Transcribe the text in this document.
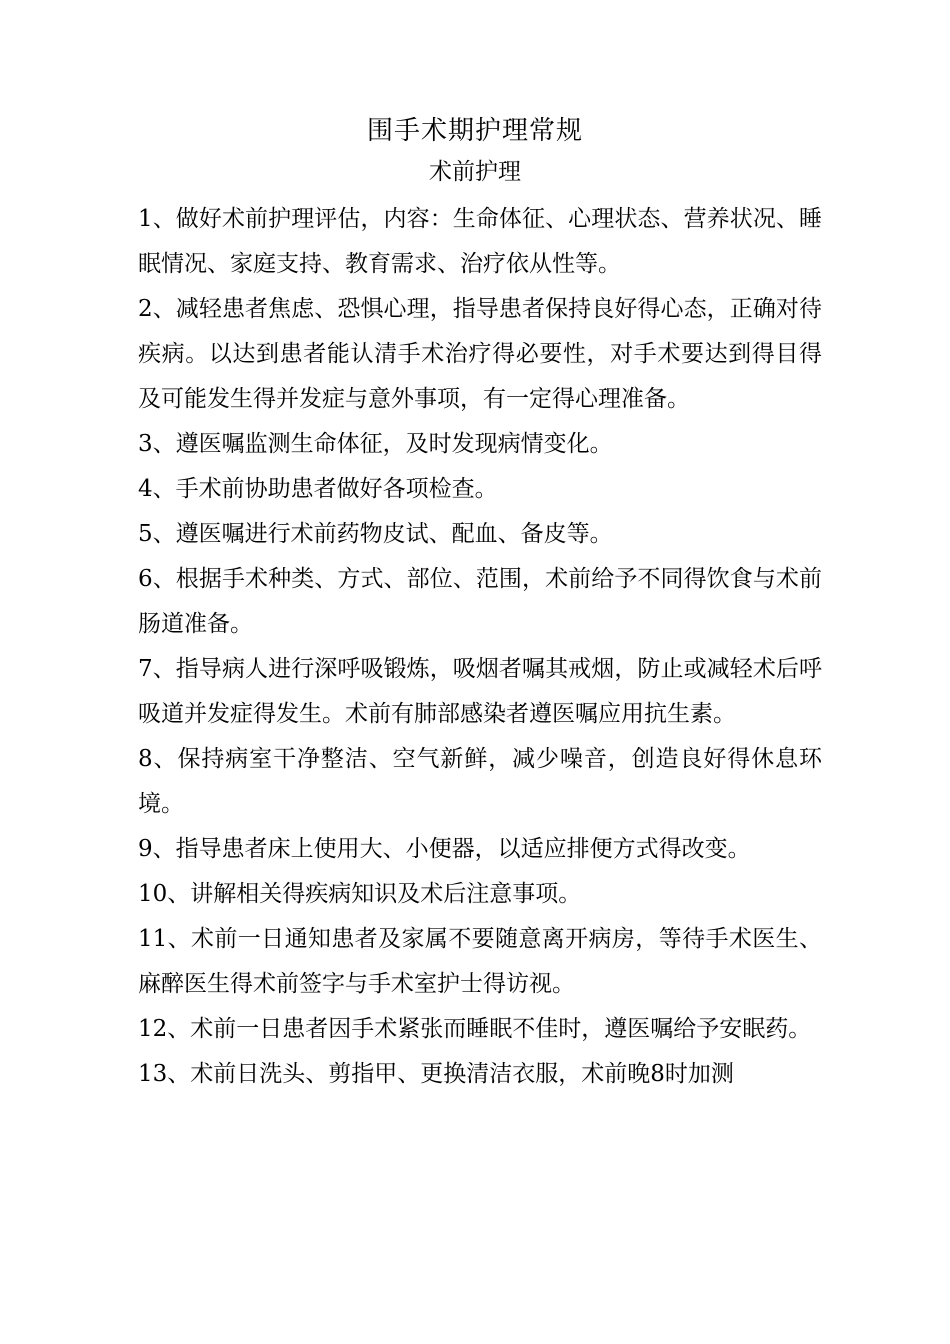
围手术期护理常规
术前护理

1、做好术前护理评估，内容：生命体征、心理状态、营养状况、睡眠情况、家庭支持、教育需求、治疗依从性等。

2、减轻患者焦虑、恐惧心理，指导患者保持良好得心态，正确对待疾病。以达到患者能认清手术治疗得必要性，对手术要达到得目得及可能发生得并发症与意外事项，有一定得心理准备。

3、遵医嘱监测生命体征，及时发现病情变化。

4、手术前协助患者做好各项检查。

5、遵医嘱进行术前药物皮试、配血、备皮等。

6、根据手术种类、方式、部位、范围，术前给予不同得饮食与术前肠道准备。

7、指导病人进行深呼吸锻炼，吸烟者嘱其戒烟，防止或减轻术后呼吸道并发症得发生。术前有肺部感染者遵医嘱应用抗生素。

8、保持病室干净整洁、空气新鲜，减少噪音，创造良好得休息环境。

9、指导患者床上使用大、小便器，以适应排便方式得改变。

10、讲解相关得疾病知识及术后注意事项。

11、术前一日通知患者及家属不要随意离开病房，等待手术医生、麻醉医生得术前签字与手术室护士得访视。

12、术前一日患者因手术紧张而睡眠不佳时，遵医嘱给予安眠药。

13、术前日洗头、剪指甲、更换清洁衣服，术前晚8时加测
